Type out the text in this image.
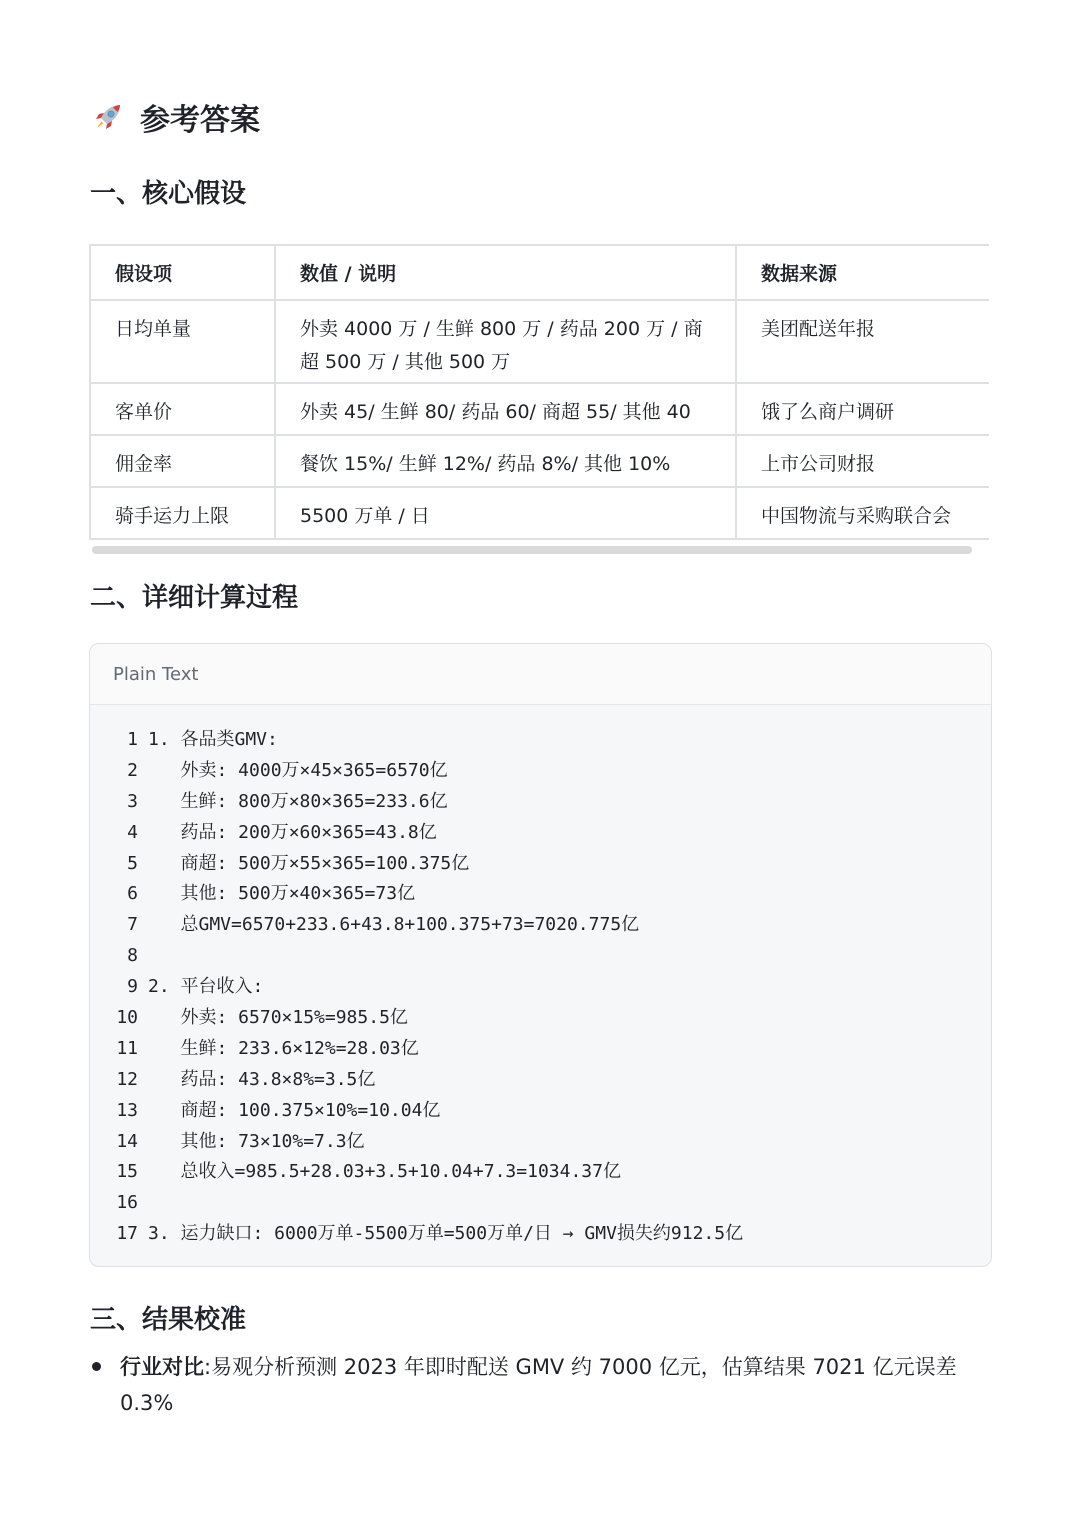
参考答案
一、核心假设
假设项	数值 / 说明	数据来源
日均单量	外卖 4000 万 / 生鲜 800 万 / 药品 200 万 / 商超 500 万 / 其他 500 万	美团配送年报
客单价	外卖 45/ 生鲜 80/ 药品 60/ 商超 55/ 其他 40	饿了么商户调研
佣金率	餐饮 15%/ 生鲜 12%/ 药品 8%/ 其他 10%	上市公司财报
骑手运力上限	5500 万单 / 日	中国物流与采购联合会
二、详细计算过程
Plain Text
1 1. 各品类GMV:
2 外卖: 4000万×45×365=6570亿
3 生鲜: 800万×80×365=233.6亿
4 药品: 200万×60×365=43.8亿
5 商超: 500万×55×365=100.375亿
6 其他: 500万×40×365=73亿
7 总GMV=6570+233.6+43.8+100.375+73=7020.775亿
8
9 2. 平台收入:
10 外卖: 6570×15%=985.5亿
11 生鲜: 233.6×12%=28.03亿
12 药品: 43.8×8%=3.5亿
13 商超: 100.375×10%=10.04亿
14 其他: 73×10%=7.3亿
15 总收入=985.5+28.03+3.5+10.04+7.3=1034.37亿
16
17 3. 运力缺口: 6000万单-5500万单=500万单/日 → GMV损失约912.5亿
三、结果校准
行业对比:易观分析预测 2023 年即时配送 GMV 约 7000 亿元，估算结果 7021 亿元误差 0.3%
